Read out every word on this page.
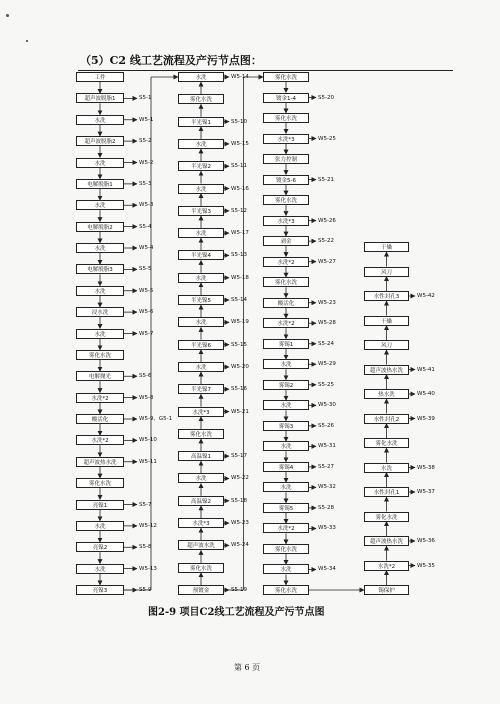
（5）C2 线工艺流程及产污节点图：
工件
超声波脱脂1	S5-1
水洗	W5-1
超声波脱脂2	S5-2
水洗	W5-2
电解脱脂1	S5-3
水洗	W5-3
电解脱脂2	S5-4
水洗	W5-4
电解脱脂3	S5-5
水洗	W5-5
浸水洗	W5-6
水洗	W5-7
雾化水洗
电解抛光	S5-6
水洗*2	W5-8
酸活化	W5-9、G5-1
水洗*2	W5-10
超声波热水洗	W5-11
雾化水洗
亮镍1	S5-7
水洗	W5-12
亮镍2	S5-8
水洗	W5-13
亮镍3	S5-9	预镀金	S5-19
雾化水洗
超声波水洗	W5-24
水洗*3	W5-23
高温镍2	S5-18
水洗	W5-22
高温镍1	S5-17
雾化水洗
水洗*3	W5-21
半光镍7	S5-16
水洗	W5-20
半光镍6	S5-15
水洗	W5-19
半光镍5	S5-14
水洗	W5-18
半光镍4	S5-13
水洗	W5-17
半光镍3	S5-12
水洗	W5-16
半光镍2	S5-11
水洗	W5-15
半光镍1	S5-10
雾化水洗
水洗	W5-14	雾化水洗
镀金1-4	S5-20
雾化水洗
水洗*3	W5-25
张力控制
镀金5-6	S5-21
雾化水洗
水洗*3	W5-26
剥金	S5-22
水洗*2	W5-27
雾化水洗
酸活化	W5-23
水洗*2	W5-28
雾锡1	S5-24
水洗	W5-29
雾锡2	S5-25
水洗	W5-30
雾锡3	S5-26
水洗	W5-31
雾锡4	S5-27
水洗	W5-32
雾锡5	S5-28
水洗*2	W5-33
雾化水洗
水洗	W5-34
雾化水洗	锡保护
水洗*2	W5-35
超声波热水洗	W5-36
雾化水洗
水性封孔1	W5-37
水洗	W5-38
雾化水洗
水性封孔2	W5-39
热水洗	W5-40
超声波热水洗	W5-41
风刀
干燥
水性封孔3	W5-42
风刀
干燥
图2-9 项目C2线工艺流程及产污节点图
第 6 页
